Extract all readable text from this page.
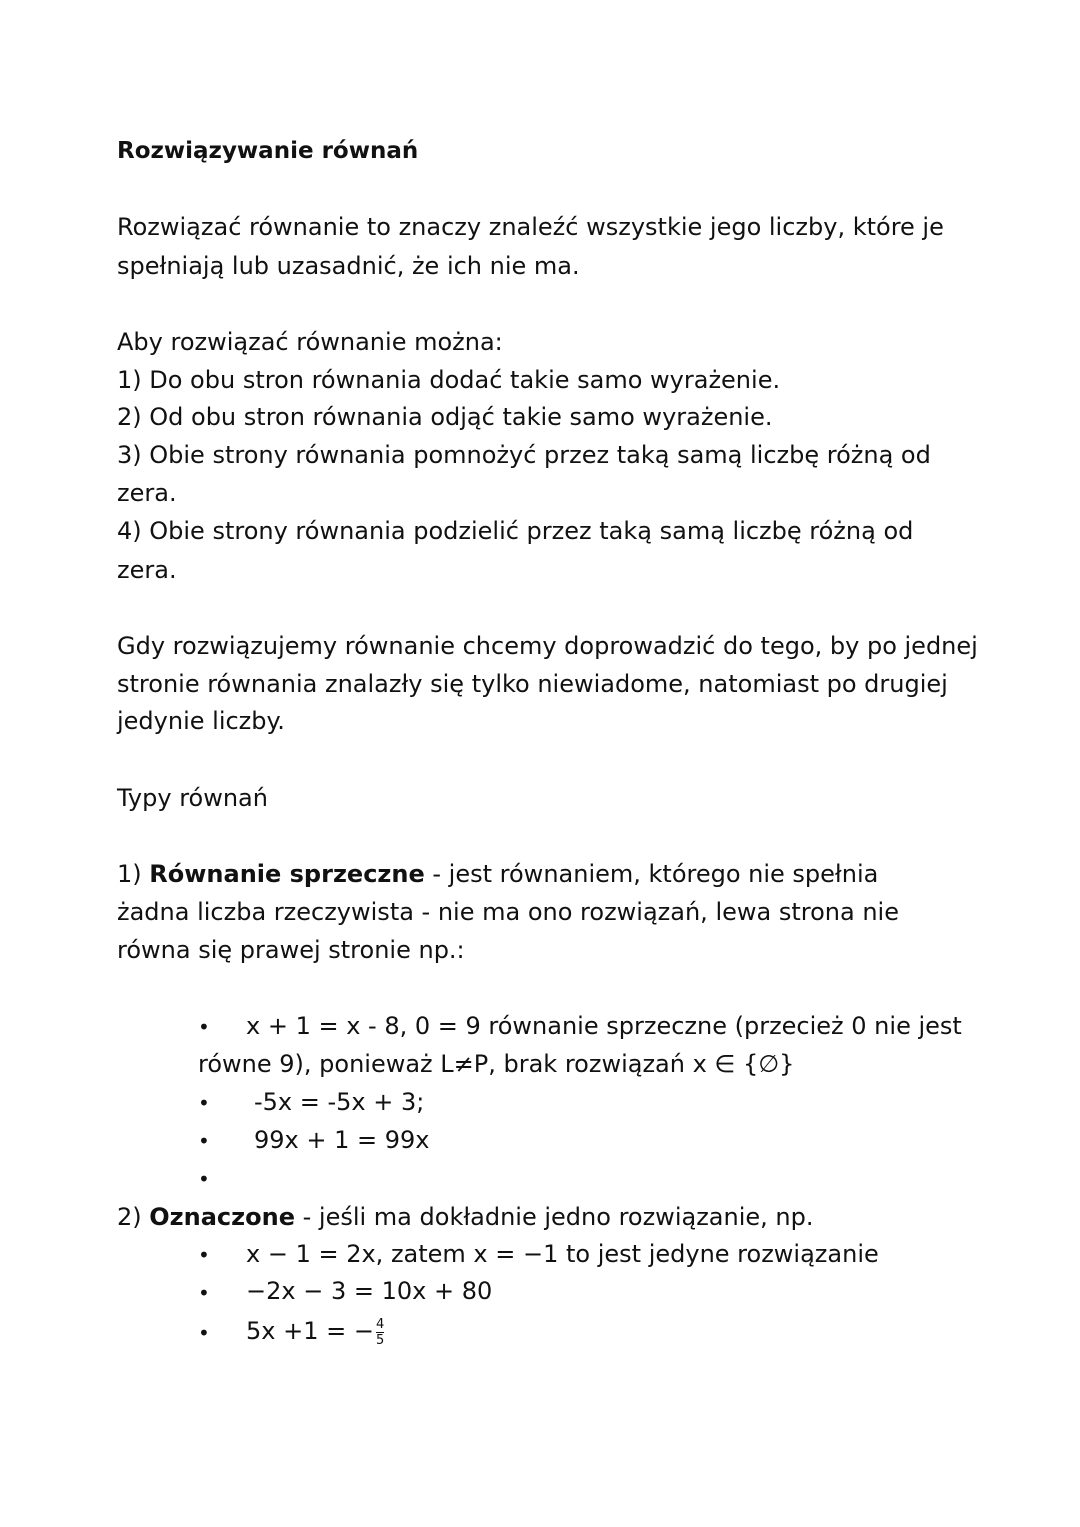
Rozwiązywanie równań
Rozwiązać równanie to znaczy znaleźć wszystkie jego liczby, które je
spełniają lub uzasadnić, że ich nie ma.
Aby rozwiązać równanie można:
1) Do obu stron równania dodać takie samo wyrażenie.
2) Od obu stron równania odjąć takie samo wyrażenie.
3) Obie strony równania pomnożyć przez taką samą liczbę różną od
zera.
4) Obie strony równania podzielić przez taką samą liczbę różną od
zera.
Gdy rozwiązujemy równanie chcemy doprowadzić do tego, by po jednej
stronie równania znalazły się tylko niewiadome, natomiast po drugiej
jedynie liczby.
Typy równań
1) Równanie sprzeczne - jest równaniem, którego nie spełnia
żadna liczba rzeczywista - nie ma ono rozwiązań, lewa strona nie
równa się prawej stronie np.:
• x + 1 = x - 8, 0 = 9 równanie sprzeczne (przecież 0 nie jest
równe 9), ponieważ L≠P, brak rozwiązań x ∈ {∅}
• -5x = -5x + 3;
• 99x + 1 = 99x
•
2) Oznaczone - jeśli ma dokładnie jedno rozwiązanie, np.
• x − 1 = 2x, zatem x = −1 to jest jedyne rozwiązanie
• −2x − 3 = 10x + 80
• 5x +1 = − $\frac{4}{5}$
